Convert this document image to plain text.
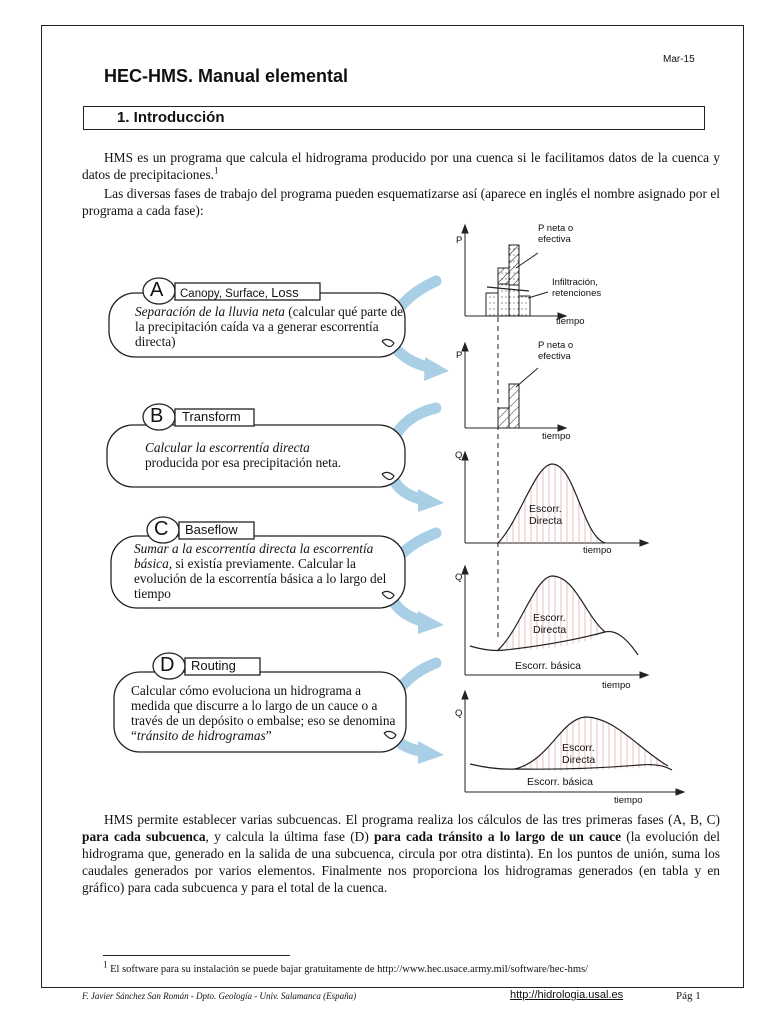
Mar-15
HEC-HMS. Manual elemental
1. Introducción
HMS es un programa que calcula el hidrograma producido por una cuenca si le facilitamos datos de la cuenca y datos de precipitaciones.$^1$
Las diversas fases de trabajo del programa pueden esquematizarse así (aparece en inglés el nombre asignado por el programa a cada fase):
A Canopy, Surface, Loss
Separación de la lluvia neta (calcular qué parte de la precipitación caída va a generar escorrentía directa)
B Transform
Calcular la escorrentía directa
producida por esa precipitación neta.
C Baseflow
Sumar a la escorrentía directa la escorrentía básica, si existía previamente. Calcular la evolución de la escorrentía básica a lo largo del tiempo
D Routing
Calcular cómo evoluciona un hidrograma a medida que discurre a lo largo de un cauce o a través de un depósito o embalse; eso se denomina “tránsito de hidrogramas”
P
P neta o efectiva
Infiltración, retenciones
tiempo
P
P neta o efectiva
tiempo
Q
Escorr. Directa
tiempo
Q
Escorr. Directa
Escorr. básica
tiempo
Q
Escorr. Directa
Escorr. básica
tiempo
HMS permite establecer varias subcuencas. El programa realiza los cálculos de las tres primeras fases (A, B, C) para cada subcuenca, y calcula la última fase (D) para cada tránsito a lo largo de un cauce (la evolución del hidrograma que, generado en la salida de una subcuenca, circula por otra distinta). En los puntos de unión, suma los caudales generados por varios elementos. Finalmente nos proporciona los hidrogramas generados (en tabla y en gráfico) para cada subcuenca y para el total de la cuenca.
$^1$ El software para su instalación se puede bajar gratuitamente de http://www.hec.usace.army.mil/software/hec-hms/
F. Javier Sánchez San Román - Dpto. Geología - Univ. Salamanca (España)	http://hidrologia.usal.es	Pág 1
